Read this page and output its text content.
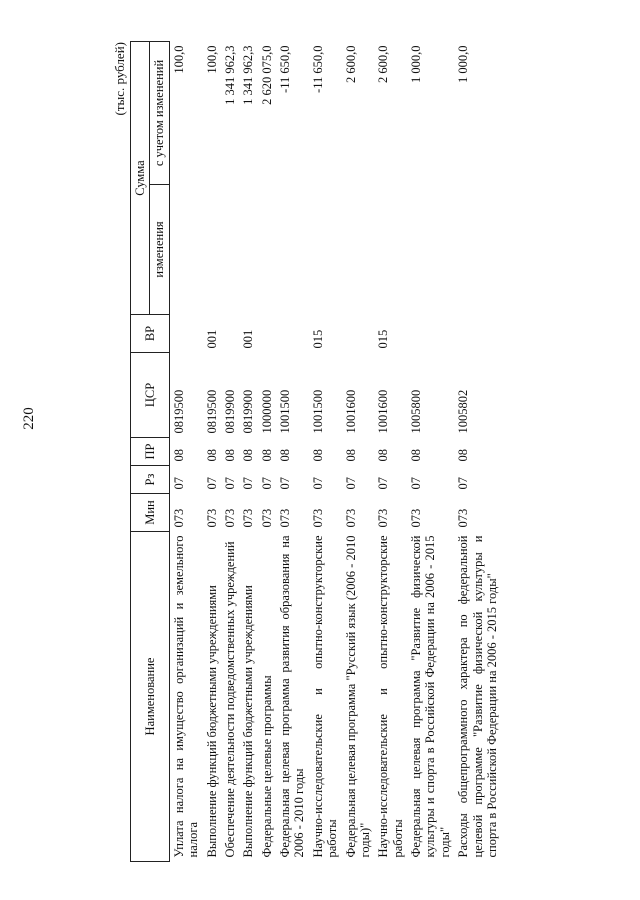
220
(тыс. рублей)
Наименование	Мин	Рз	ПР	ЦСР	ВР	Сумма	
						изменения	с учетом изменений
Уплата налога на имущество организаций и земельного налога	073	07	08	0819500			100,0
Выполнение функций бюджетными учреждениями	073	07	08	0819500	001		100,0
Обеспечение деятельности подведомственных учреждений	073	07	08	0819900			1 341 962,3
Выполнение функций бюджетными учреждениями	073	07	08	0819900	001		1 341 962,3
Федеральные целевые программы	073	07	08	1000000			2 620 075,0
Федеральная целевая программа развития образования на 2006 - 2010 годы	073	07	08	1001500			-11 650,0
Научно-исследовательские и опытно-конструкторские работы	073	07	08	1001500	015		-11 650,0
Федеральная целевая программа "Русский язык (2006 - 2010 годы)"	073	07	08	1001600			2 600,0
Научно-исследовательские и опытно-конструкторские работы	073	07	08	1001600	015		2 600,0
Федеральная целевая программа "Развитие физической культуры и спорта в Российской Федерации на 2006 - 2015 годы"	073	07	08	1005800			1 000,0
Расходы общепрограммного характера по федеральной целевой программе "Развитие физической культуры и спорта в Российской Федерации на 2006 - 2015 годы"	073	07	08	1005802			1 000,0
